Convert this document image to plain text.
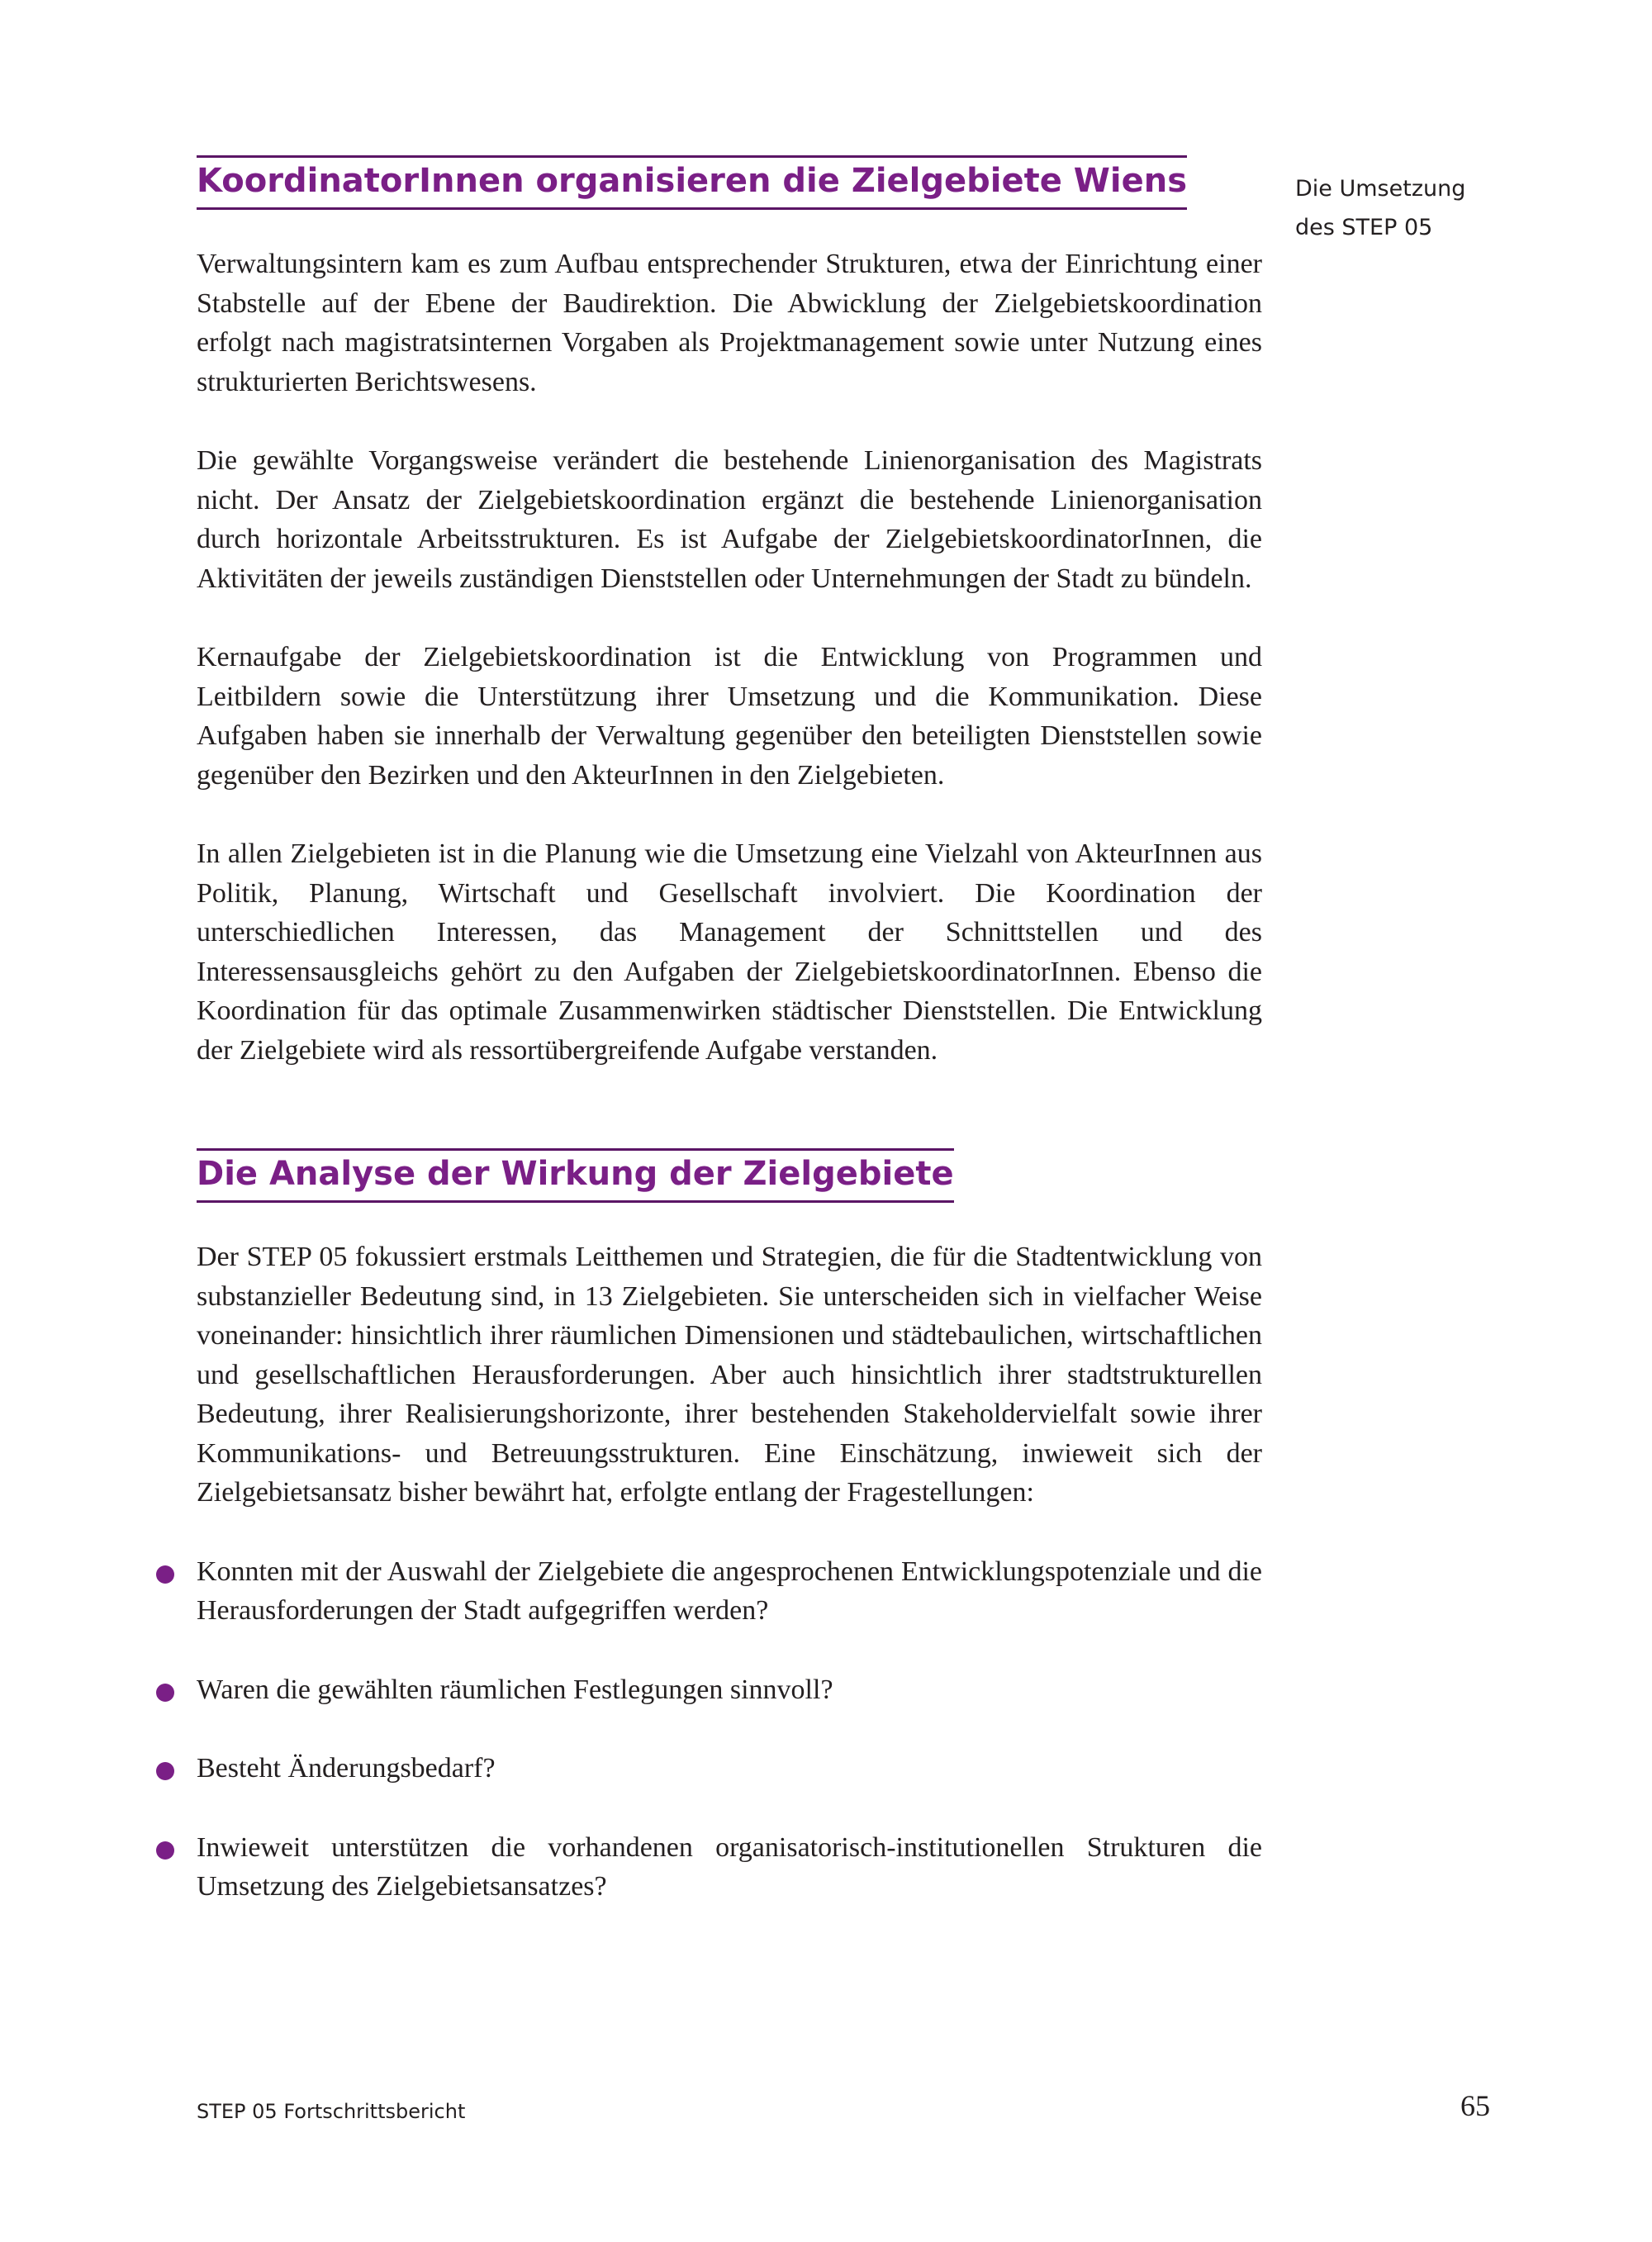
KoordinatorInnen organisieren die Zielgebiete Wiens

Verwaltungsintern kam es zum Aufbau entsprechender Strukturen, etwa der Einrichtung einer Stabstelle auf der Ebene der Baudirektion. Die Abwicklung der Zielgebietskoordination erfolgt nach magistratsinternen Vorgaben als Projektmanagement sowie unter Nutzung eines strukturierten Berichtswesens.

Die gewählte Vorgangsweise verändert die bestehende Linienorganisation des Magistrats nicht. Der Ansatz der Zielgebietskoordination ergänzt die bestehende Linienorganisation durch horizontale Arbeitsstrukturen. Es ist Aufgabe der ZielgebietskoordinatorInnen, die Aktivitäten der jeweils zuständigen Dienststellen oder Unternehmungen der Stadt zu bündeln.

Kernaufgabe der Zielgebietskoordination ist die Entwicklung von Programmen und Leitbildern sowie die Unterstützung ihrer Umsetzung und die Kommunikation. Diese Aufgaben haben sie innerhalb der Verwaltung gegenüber den beteiligten Dienststellen sowie gegenüber den Bezirken und den AkteurInnen in den Zielgebieten.

In allen Zielgebieten ist in die Planung wie die Umsetzung eine Vielzahl von AkteurInnen aus Politik, Planung, Wirtschaft und Gesellschaft involviert. Die Koordination der unterschiedlichen Interessen, das Management der Schnittstellen und des Interessensausgleichs gehört zu den Aufgaben der ZielgebietskoordinatorInnen. Ebenso die Koordination für das optimale Zusammenwirken städtischer Dienststellen. Die Entwicklung der Zielgebiete wird als ressortübergreifende Aufgabe verstanden.

Die Analyse der Wirkung der Zielgebiete

Der STEP 05 fokussiert erstmals Leitthemen und Strategien, die für die Stadtentwicklung von substanzieller Bedeutung sind, in 13 Zielgebieten. Sie unterscheiden sich in vielfacher Weise voneinander: hinsichtlich ihrer räumlichen Dimensionen und städtebaulichen, wirtschaftlichen und gesellschaftlichen Herausforderungen. Aber auch hinsichtlich ihrer stadtstrukturellen Bedeutung, ihrer Realisierungshorizonte, ihrer bestehenden Stakeholdervielfalt sowie ihrer Kommunikations- und Betreuungsstrukturen. Eine Einschätzung, inwieweit sich der Zielgebietsansatz bisher bewährt hat, erfolgte entlang der Fragestellungen:

Konnten mit der Auswahl der Zielgebiete die angesprochenen Entwicklungspotenziale und die Herausforderungen der Stadt aufgegriffen werden?

Waren die gewählten räumlichen Festlegungen sinnvoll?

Besteht Änderungsbedarf?

Inwieweit unterstützen die vorhandenen organisatorisch-institutionellen Strukturen die Umsetzung des Zielgebietsansatzes?

Die Umsetzung
des STEP 05
STEP 05 Fortschrittsbericht	65
